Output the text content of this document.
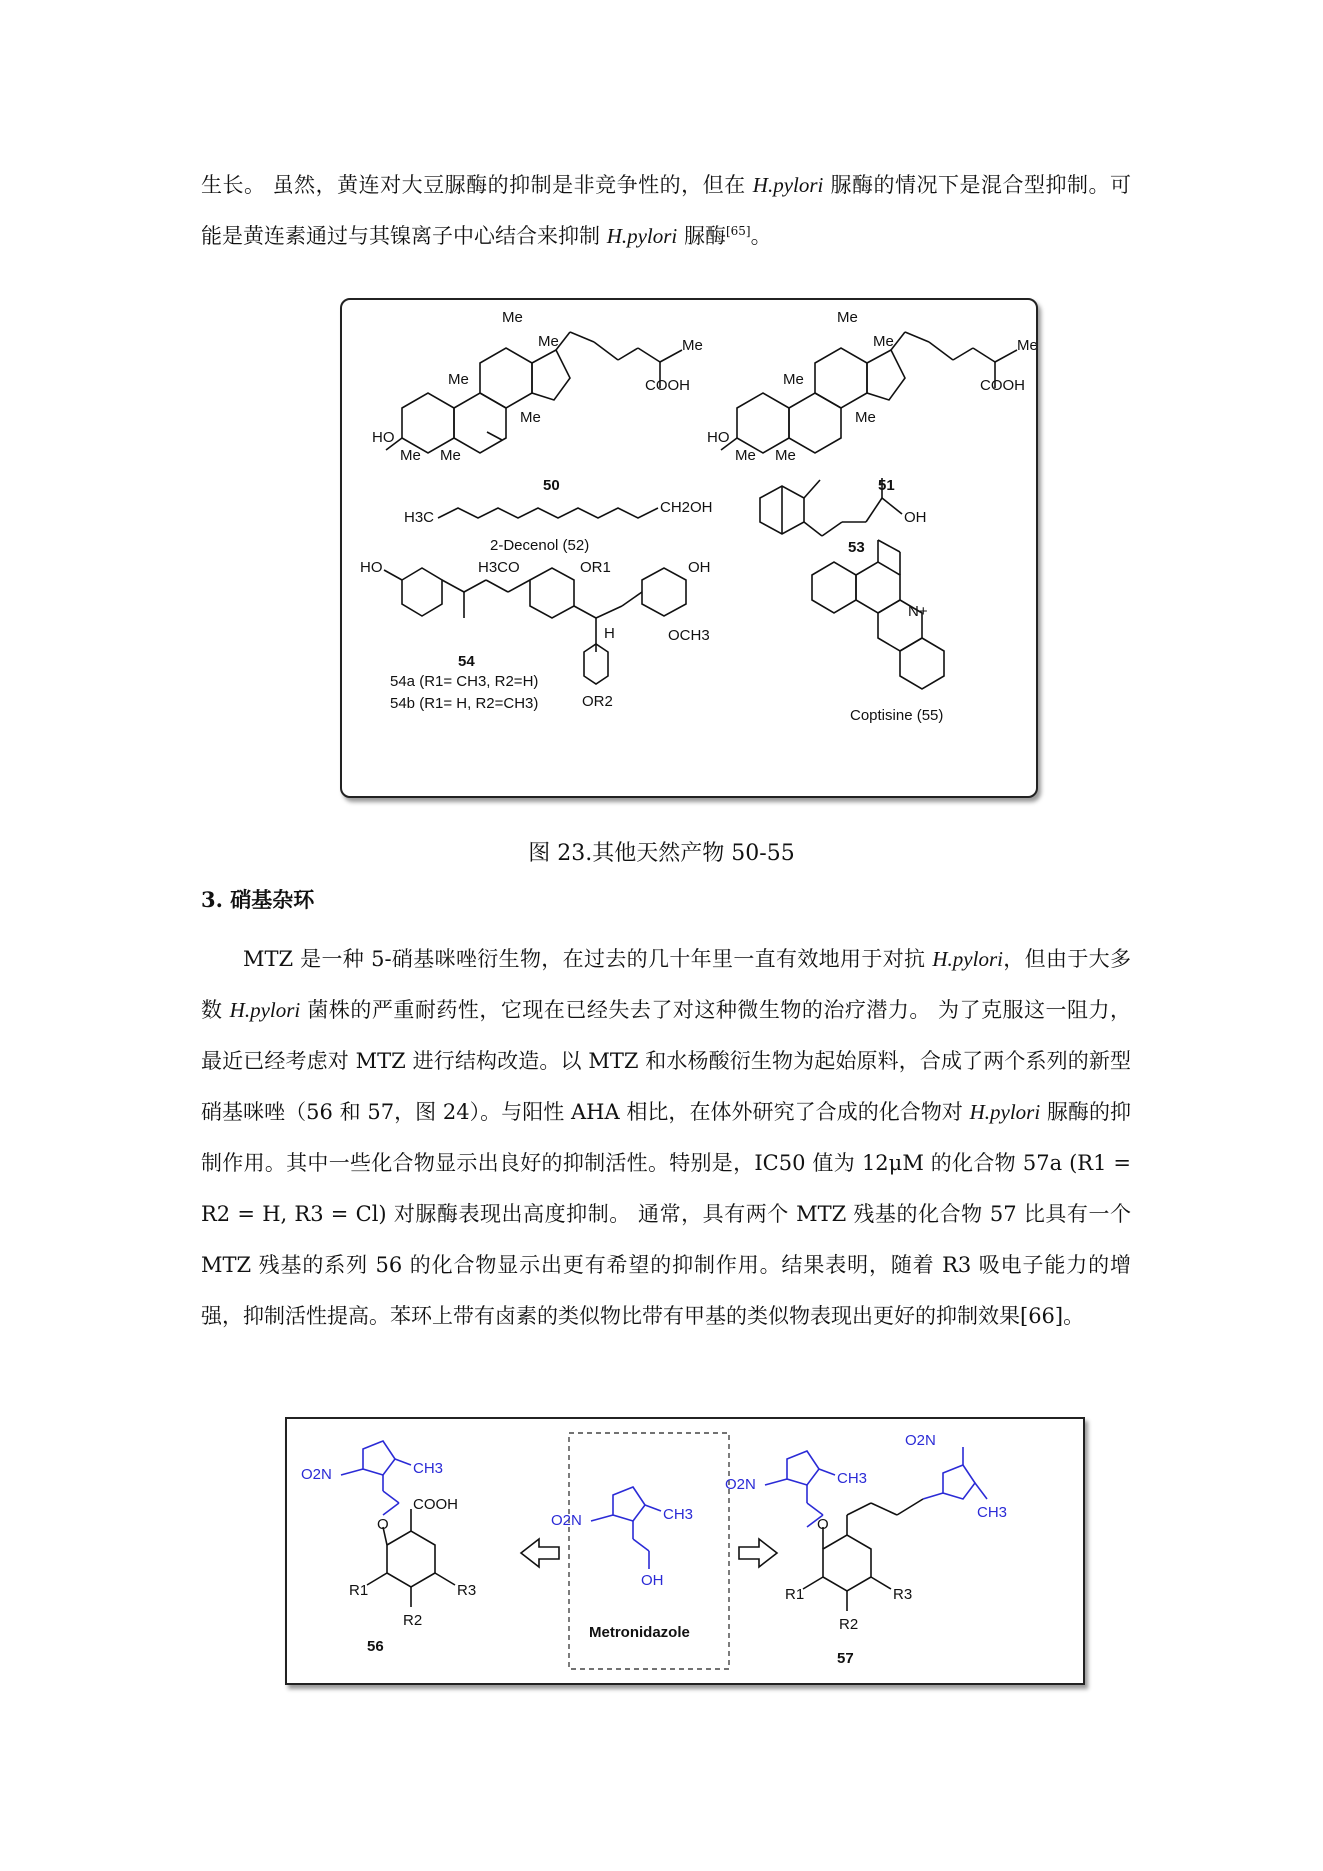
生长。 虽然，黄连对大豆脲酶的抑制是非竞争性的，但在 H.pylori 脲酶的情况下是混合型抑制。可能是黄连素通过与其镍离子中心结合来抑制 H.pylori 脲酶[65]。

Me
Me	Me
COOH
Me
Me
HO
Me Me
50
Me
Me	Me
COOH
Me
Me
HO
Me Me
51
H3C
CH2OH
2-Decenol (52)
OH
53
HO	H3CO	OR1
H
OH
OCH3
54
54a (R1= CH3, R2=H)
54b (R1= H, R2=CH3)	OR2
N+
Coptisine (55)
图 23.其他天然产物 50-55
3. 硝基杂环

MTZ 是一种 5-硝基咪唑衍生物，在过去的几十年里一直有效地用于对抗 H.pylori，但由于大多数 H.pylori 菌株的严重耐药性，它现在已经失去了对这种微生物的治疗潜力。 为了克服这一阻力，最近已经考虑对 MTZ 进行结构改造。以 MTZ 和水杨酸衍生物为起始原料，合成了两个系列的新型硝基咪唑（56 和 57，图 24）。与阳性 AHA 相比，在体外研究了合成的化合物对 H.pylori 脲酶的抑制作用。其中一些化合物显示出良好的抑制活性。特别是，IC50 值为 12μM 的化合物 57a (R1 = R2 = H, R3 = Cl) 对脲酶表现出高度抑制。 通常，具有两个 MTZ 残基的化合物 57 比具有一个 MTZ 残基的系列 56 的化合物显示出更有希望的抑制作用。结果表明，随着 R3 吸电子能力的增强，抑制活性提高。苯环上带有卤素的类似物比带有甲基的类似物表现出更好的抑制效果[66]。

O2N	CH3
O2N	CH3
OH
O2N	CH3
O2N
CH3
O
COOH
R1
R2
R3
56
Metronidazole
O
R1
R2
R3
57
